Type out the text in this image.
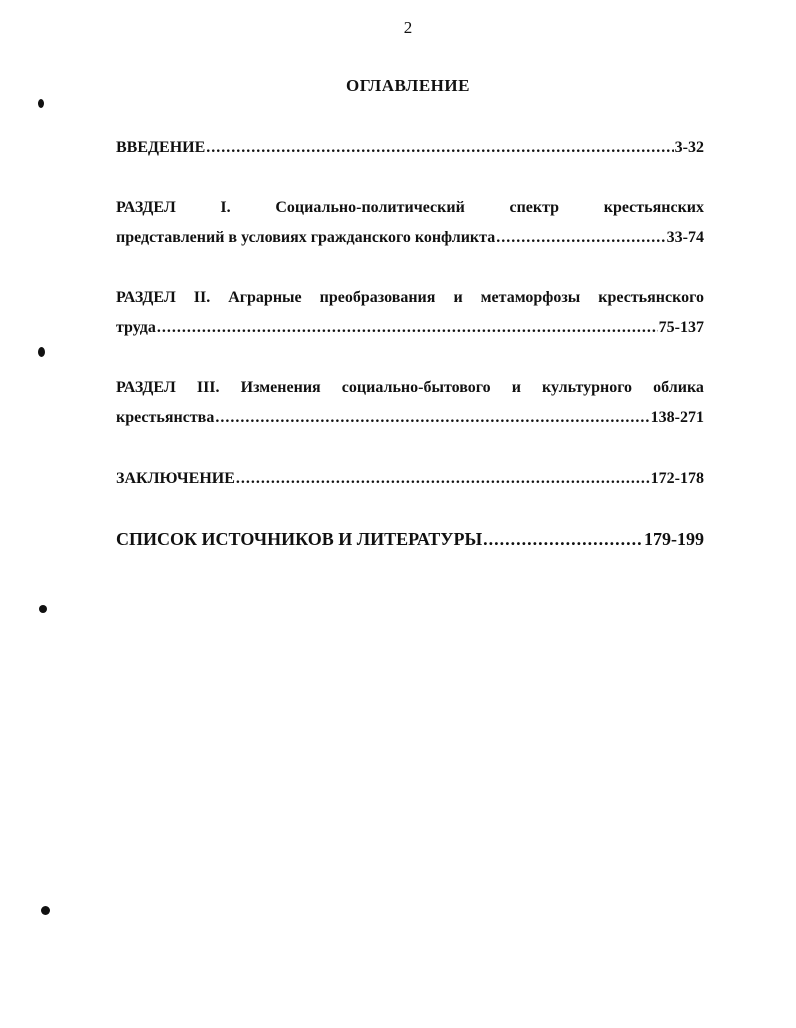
2
ОГЛАВЛЕНИЕ
ВВЕДЕНИЕ .....	3-32
РАЗДЕЛ	I.	Социально-политический	спектр	крестьянских
представлений в условиях гражданского конфликта .....	33-74
РАЗДЕЛ II. Аграрные преобразования и метаморфозы крестьянского
труда .....	75-137
РАЗДЕЛ III. Изменения социально-бытового и культурного облика
крестьянства .....	138-271
ЗАКЛЮЧЕНИЕ .....	172-178
СПИСОК ИСТОЧНИКОВ И ЛИТЕРАТУРЫ .....	179-199
